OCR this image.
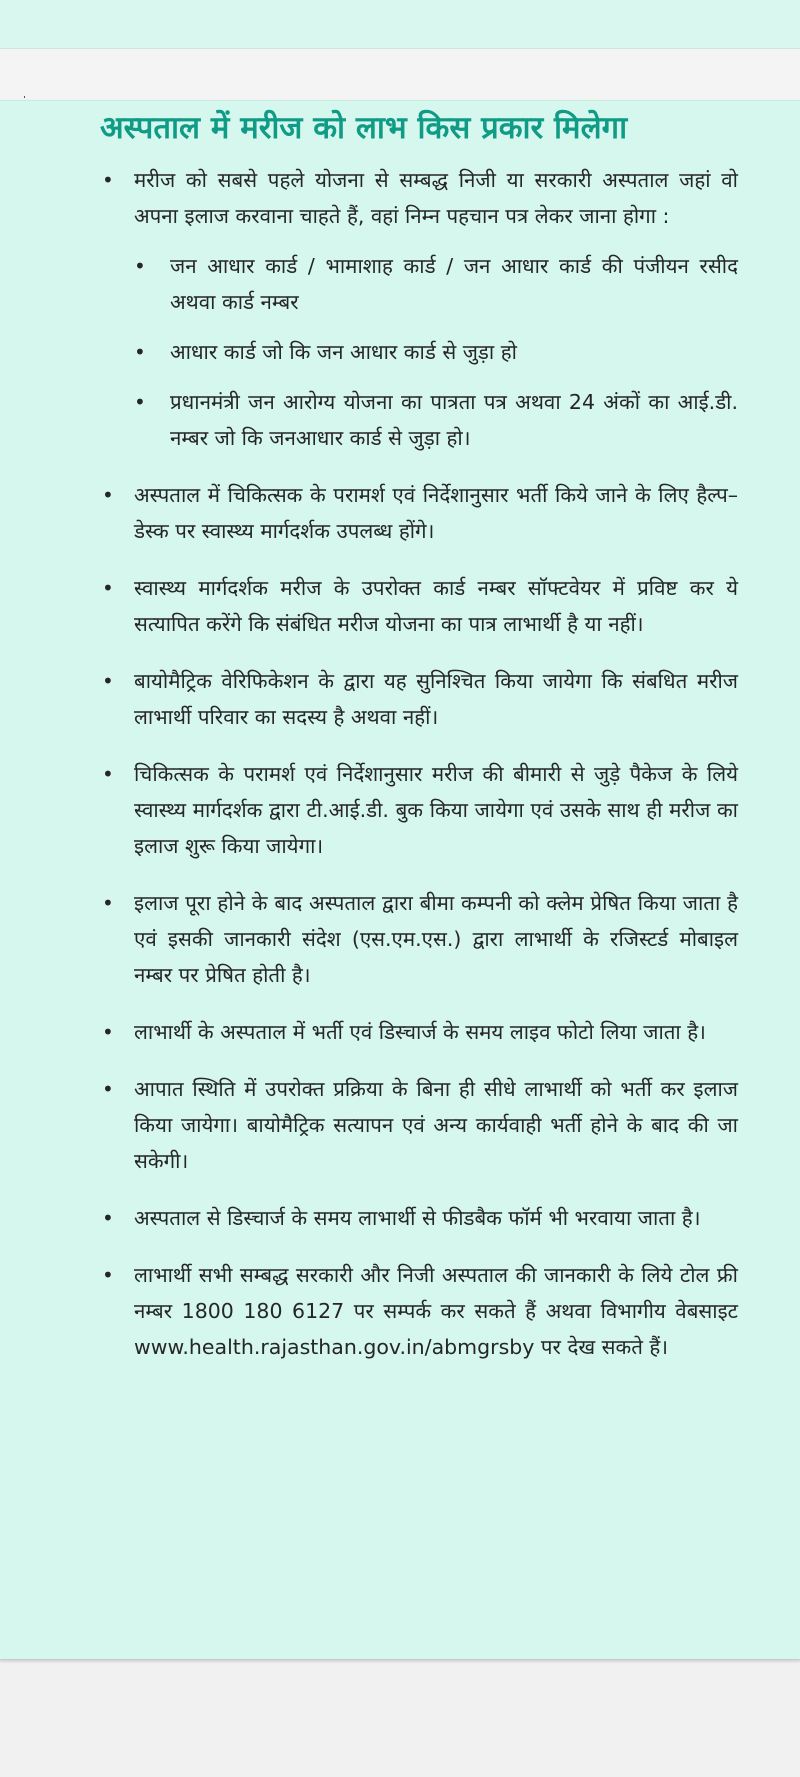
अस्पताल में मरीज को लाभ किस प्रकार मिलेगा
• मरीज को सबसे पहले योजना से सम्बद्ध निजी या सरकारी अस्पताल जहां वो अपना इलाज करवाना चाहते हैं, वहां निम्न पहचान पत्र लेकर जाना होगा :
• जन आधार कार्ड / भामाशाह कार्ड / जन आधार कार्ड की पंजीयन रसीद अथवा कार्ड नम्बर
• आधार कार्ड जो कि जन आधार कार्ड से जुड़ा हो
• प्रधानमंत्री जन आरोग्य योजना का पात्रता पत्र अथवा 24 अंकों का आई.डी. नम्बर जो कि जनआधार कार्ड से जुड़ा हो।
• अस्पताल में चिकित्सक के परामर्श एवं निर्देशानुसार भर्ती किये जाने के लिए हैल्प–डेस्क पर स्वास्थ्य मार्गदर्शक उपलब्ध होंगे।
• स्वास्थ्य मार्गदर्शक मरीज के उपरोक्त कार्ड नम्बर सॉफ्टवेयर में प्रविष्ट कर ये सत्यापित करेंगे कि संबंधित मरीज योजना का पात्र लाभार्थी है या नहीं।
• बायोमैट्रिक वेरिफिकेशन के द्वारा यह सुनिश्चित किया जायेगा कि संबधित मरीज लाभार्थी परिवार का सदस्य है अथवा नहीं।
• चिकित्सक के परामर्श एवं निर्देशानुसार मरीज की बीमारी से जुड़े पैकेज के लिये स्वास्थ्य मार्गदर्शक द्वारा टी.आई.डी. बुक किया जायेगा एवं उसके साथ ही मरीज का इलाज शुरू किया जायेगा।
• इलाज पूरा होने के बाद अस्पताल द्वारा बीमा कम्पनी को क्लेम प्रेषित किया जाता है एवं इसकी जानकारी संदेश (एस.एम.एस.) द्वारा लाभार्थी के रजिस्टर्ड मोबाइल नम्बर पर प्रेषित होती है।
• लाभार्थी के अस्पताल में भर्ती एवं डिस्चार्ज के समय लाइव फोटो लिया जाता है।
• आपात स्थिति में उपरोक्त प्रक्रिया के बिना ही सीधे लाभार्थी को भर्ती कर इलाज किया जायेगा। बायोमैट्रिक सत्यापन एवं अन्य कार्यवाही भर्ती होने के बाद की जा सकेगी।
• अस्पताल से डिस्चार्ज के समय लाभार्थी से फीडबैक फॉर्म भी भरवाया जाता है।
• लाभार्थी सभी सम्बद्ध सरकारी और निजी अस्पताल की जानकारी के लिये टोल फ्री नम्बर 1800 180 6127 पर सम्पर्क कर सकते हैं अथवा विभागीय वेबसाइट www.health.rajasthan.gov.in/abmgrsby पर देख सकते हैं।
